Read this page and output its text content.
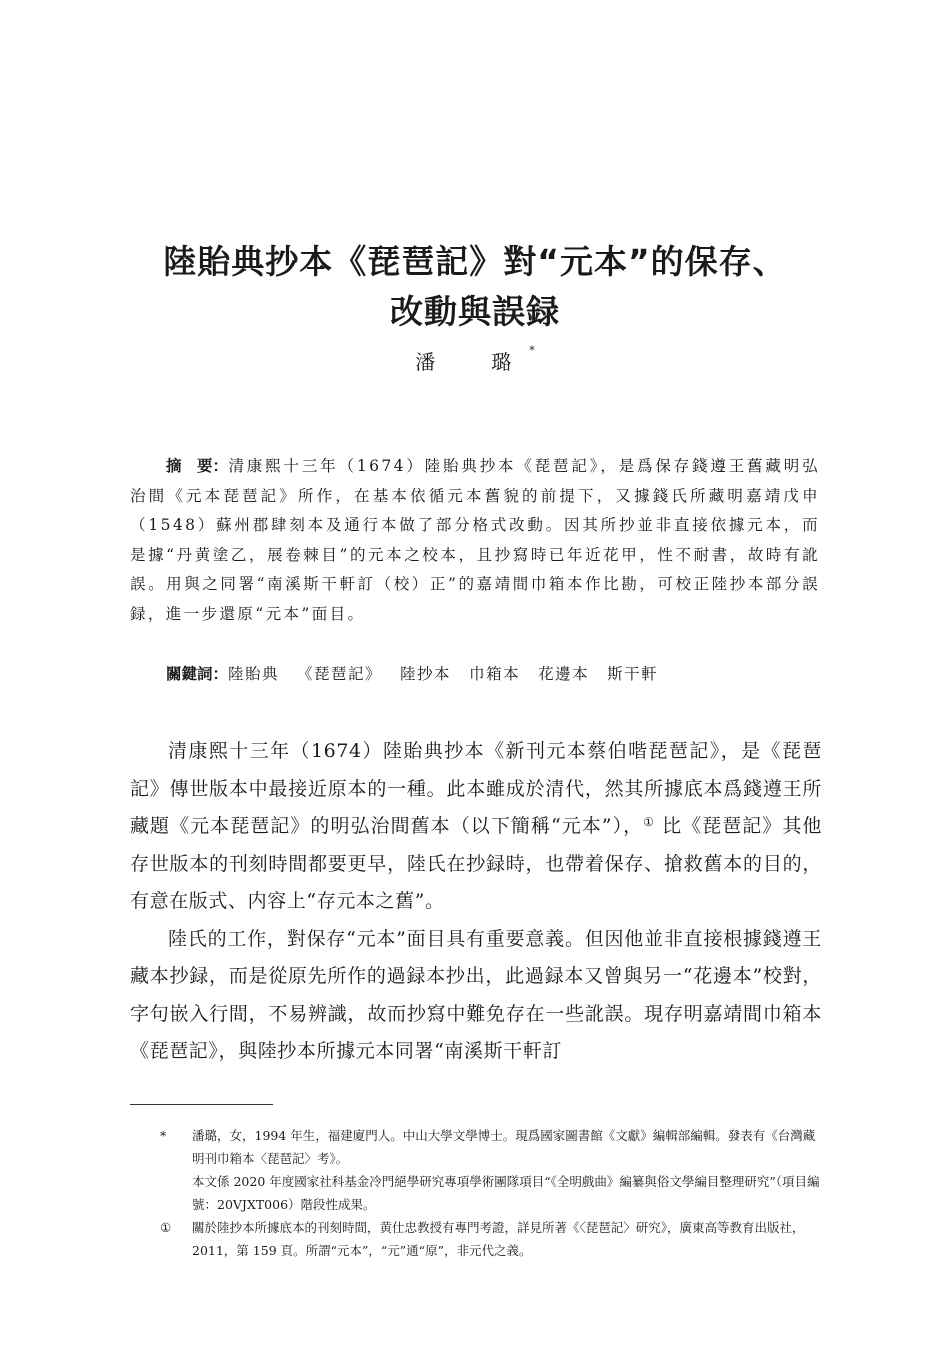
陸貽典抄本《琵琶記》對“元本”的保存、
改動與誤録
潘　璐*
摘　要：清康熙十三年（1674）陸貽典抄本《琵琶記》，是爲保存錢遵王舊藏明弘治間《元本琵琶記》所作，在基本依循元本舊貌的前提下，又據錢氏所藏明嘉靖戊申（1548）蘇州郡肆刻本及通行本做了部分格式改動。因其所抄並非直接依據元本，而是據“丹黄塗乙，展卷棘目”的元本之校本，且抄寫時已年近花甲，性不耐書，故時有訛誤。用與之同署“南溪斯干軒訂（校）正”的嘉靖間巾箱本作比勘，可校正陸抄本部分誤録，進一步還原“元本”面目。
關鍵詞：陸貽典 《琵琶記》 陸抄本 巾箱本 花邊本 斯干軒

清康熙十三年（1674）陸貽典抄本《新刊元本蔡伯喈琵琶記》，是《琵琶記》傳世版本中最接近原本的一種。此本雖成於清代，然其所據底本爲錢遵王所藏題《元本琵琶記》的明弘治間舊本（以下簡稱“元本”），① 比《琵琶記》其他存世版本的刊刻時間都要更早，陸氏在抄録時，也帶着保存、搶救舊本的目的，有意在版式、内容上“存元本之舊”。

陸氏的工作，對保存“元本”面目具有重要意義。但因他並非直接根據錢遵王藏本抄録，而是從原先所作的過録本抄出，此過録本又曾與另一“花邊本”校對，字句嵌入行間，不易辨識，故而抄寫中難免存在一些訛誤。現存明嘉靖間巾箱本《琵琶記》，與陸抄本所據元本同署“南溪斯干軒訂

* 潘璐，女，1994 年生，福建廈門人。中山大學文學博士。現爲國家圖書館《文獻》編輯部編輯。發表有《台灣藏明刊巾箱本〈琵琶記〉考》。

本文係 2020 年度國家社科基金冷門絕學研究專項學術團隊項目“《全明戲曲》編纂與俗文學編目整理研究”（項目編號：20VJXT006）階段性成果。

① 關於陸抄本所據底本的刊刻時間，黄仕忠教授有專門考證，詳見所著《〈琵琶記〉研究》，廣東高等教育出版社，2011，第 159 頁。所謂“元本”，“元”通“原”，非元代之義。
